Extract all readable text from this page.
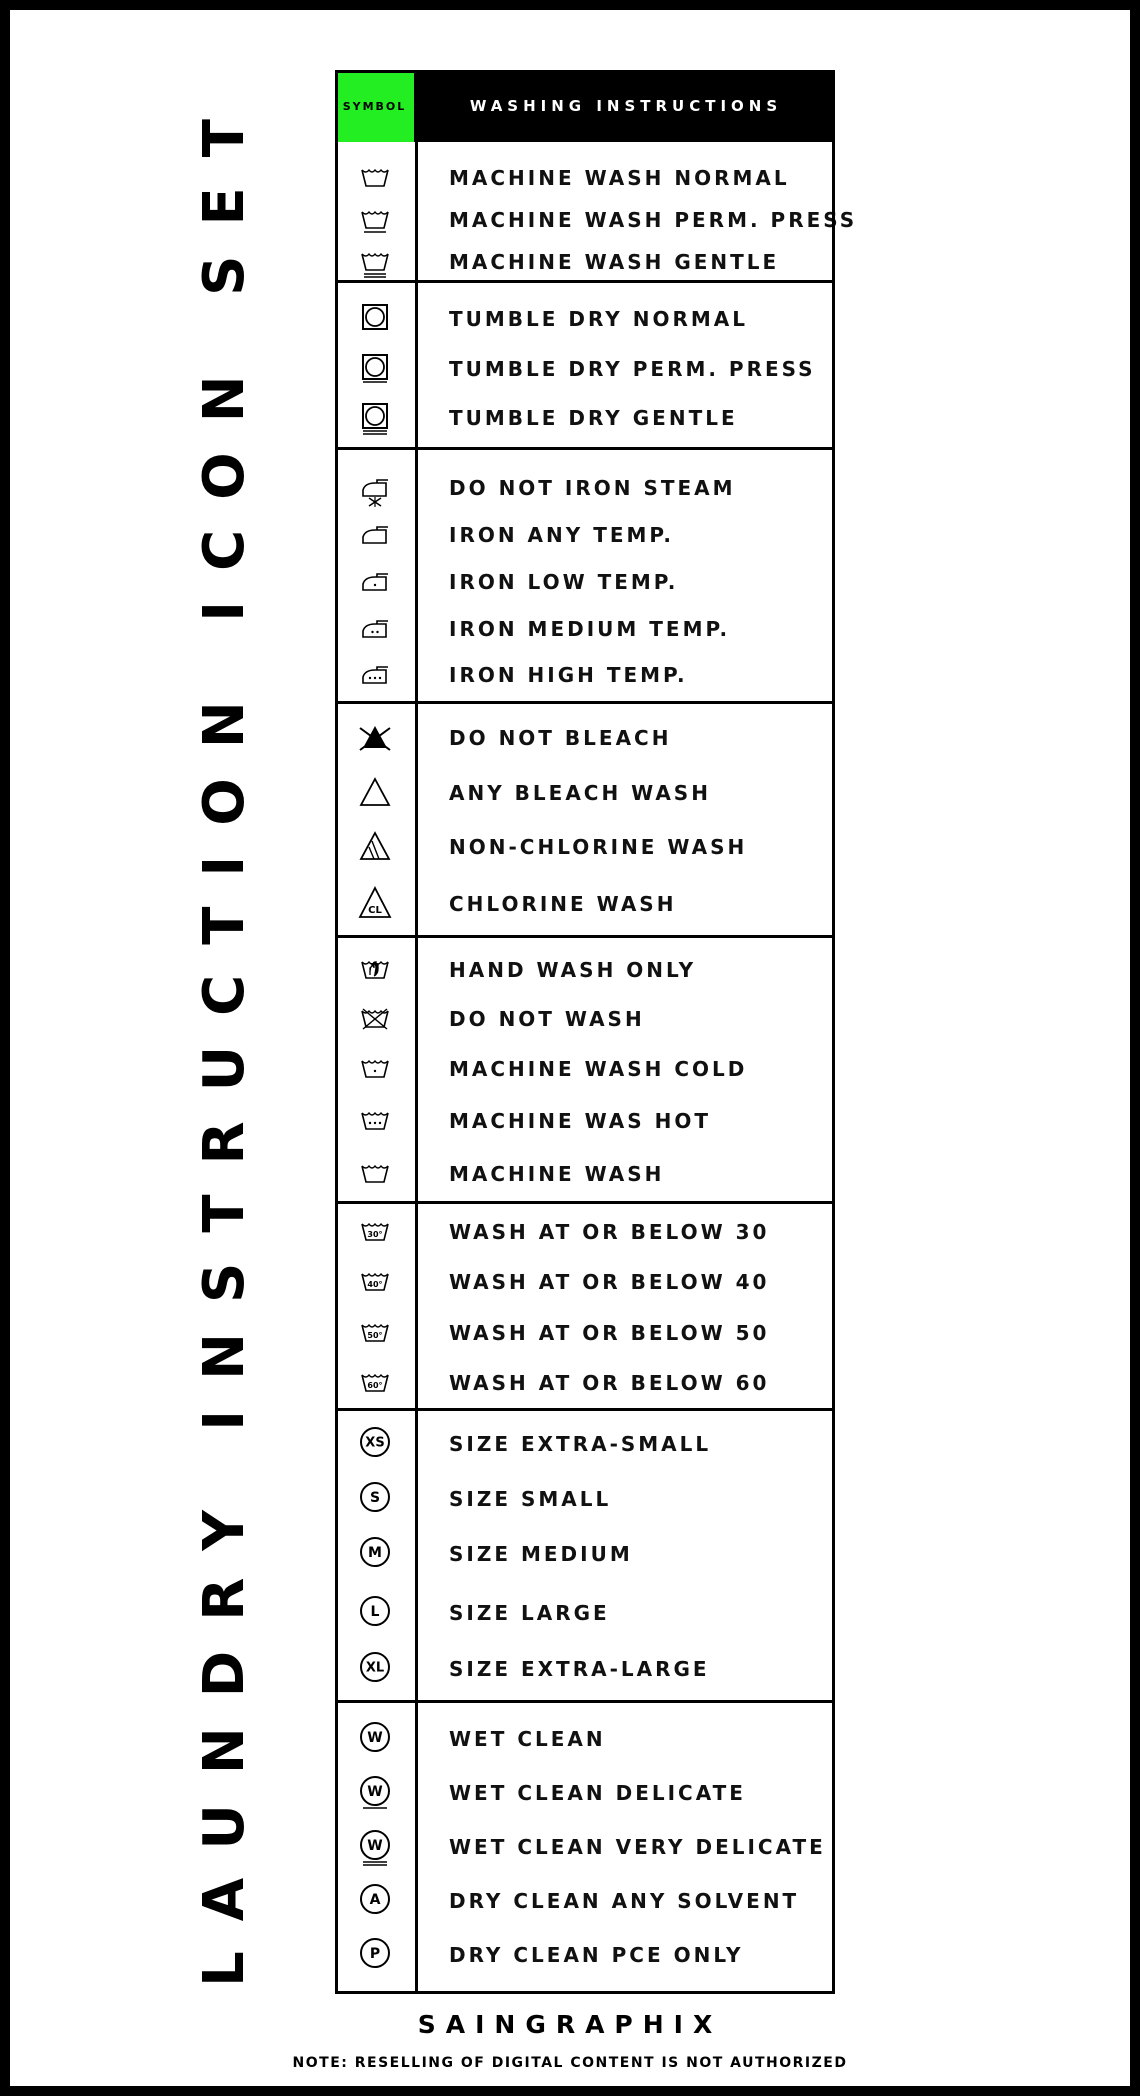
LAUNDRY INSTRUCTION ICON SET	SYMBOL	WASHING INSTRUCTIONS
MACHINE WASH NORMAL
MACHINE WASH PERM. PRESS
MACHINE WASH GENTLE
TUMBLE DRY NORMAL
TUMBLE DRY PERM. PRESS
TUMBLE DRY GENTLE
DO NOT IRON STEAM
IRON ANY TEMP.
IRON LOW TEMP.
IRON MEDIUM TEMP.
IRON HIGH TEMP.
DO NOT BLEACH
ANY BLEACH WASH
NON-CHLORINE WASH
CL	CHLORINE WASH
HAND WASH ONLY
DO NOT WASH
MACHINE WASH COLD
MACHINE WAS HOT
MACHINE WASH
30°	WASH AT OR BELOW 30
40°	WASH AT OR BELOW 40
50°	WASH AT OR BELOW 50
60°	WASH AT OR BELOW 60
XS	SIZE EXTRA-SMALL
S	SIZE SMALL
M	SIZE MEDIUM
L	SIZE LARGE
XL	SIZE EXTRA-LARGE
W	WET CLEAN
W	WET CLEAN DELICATE
W	WET CLEAN VERY DELICATE
A	DRY CLEAN ANY SOLVENT
P	DRY CLEAN PCE ONLY
SAINGRAPHIX
NOTE: RESELLING OF DIGITAL CONTENT IS NOT AUTHORIZED
